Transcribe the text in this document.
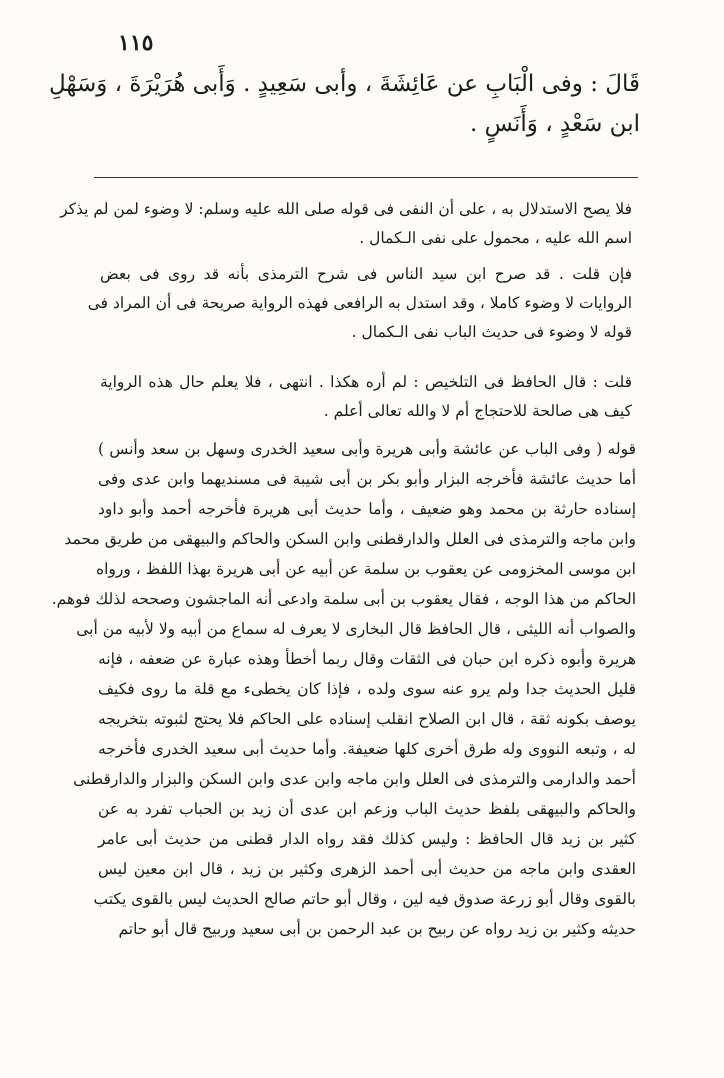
١١٥
قَالَ : وفى الْبَابِ عن عَائِشَةَ ، وأبى سَعِيدٍ . وَأَبى هُرَيْرَةَ ، وَسَهْلِ
ابن سَعْدٍ ، وَأَنَسٍ .
فلا يصح الاستدلال به ، على أن النفى فى قوله صلى الله عليه وسلم: لا وضوء لمن لم يذكر
اسم الله عليه ، محمول على نفى الـكمال .
فإن قلت . قد صرح ابن سيد الناس فى شرح الترمذى بأنه قد روى فى بعض
الروايات لا وضوء كاملا ، وقد استدل به الرافعى فهذه الرواية صريحة فى أن المراد فى
قوله لا وضوء فى حديث الباب نفى الـكمال .
قلت : قال الحافظ فى التلخيص : لم أره هكذا . انتهى ، فلا يعلم حال هذه الرواية
كيف هى صالحة للاحتجاج أم لا والله تعالى أعلم .
قوله ( وفى الباب عن عائشة وأبى هريرة وأبى سعيد الخدرى وسهل بن سعد وأنس )
أما حديث عائشة فأخرجه البزار وأبو بكر بن أبى شيبة فى مسنديهما وابن عدى وفى
إسناده حارثة بن محمد وهو ضعيف ، وأما حديث أبى هريرة فأخرجه أحمد وأبو داود
وابن ماجه والترمذى فى العلل والدارقطنى وابن السكن والحاكم والبيهقى من طريق محمد
ابن موسى المخزومى عن يعقوب بن سلمة عن أبيه عن أبى هريرة بهذا اللفظ ، ورواه
الحاكم من هذا الوجه ، فقال يعقوب بن أبى سلمة وادعى أنه الماجشون وصححه لذلك فوهم.
والصواب أنه الليثى ، قال الحافظ قال البخارى لا يعرف له سماع من أبيه ولا لأبيه من أبى
هريرة وأبوه ذكره ابن حبان فى الثقات وقال ربما أخطأ وهذه عبارة عن ضعفه ، فإنه
قليل الحديث جدا ولم يرو عنه سوى ولده ، فإذا كان يخطىء مع قلة ما روى فكيف
يوصف بكونه ثقة ، قال ابن الصلاح انقلب إسناده على الحاكم فلا يحتج لثبوته بتخريجه
له ، وتبعه النووى وله طرق أخرى كلها ضعيفة. وأما حديث أبى سعيد الخدرى فأخرجه
أحمد والدارمى والترمذى فى العلل وابن ماجه وابن عدى وابن السكن والبزار والدارقطنى
والحاكم والبيهقى بلفظ حديث الباب وزعم ابن عدى أن زيد بن الحباب تفرد به عن
كثير بن زيد قال الحافظ : وليس كذلك فقد رواه الدار قطنى من حديث أبى عامر
العقدى وابن ماجه من حديث أبى أحمد الزهرى وكثير بن زيد ، قال ابن معين ليس
بالقوى وقال أبو زرعة صدوق فيه لين ، وقال أبو حاتم صالح الحديث ليس بالقوى يكتب
حديثه وكثير بن زيد رواه عن ربيح بن عبد الرحمن بن أبى سعيد وربيح قال أبو حاتم
